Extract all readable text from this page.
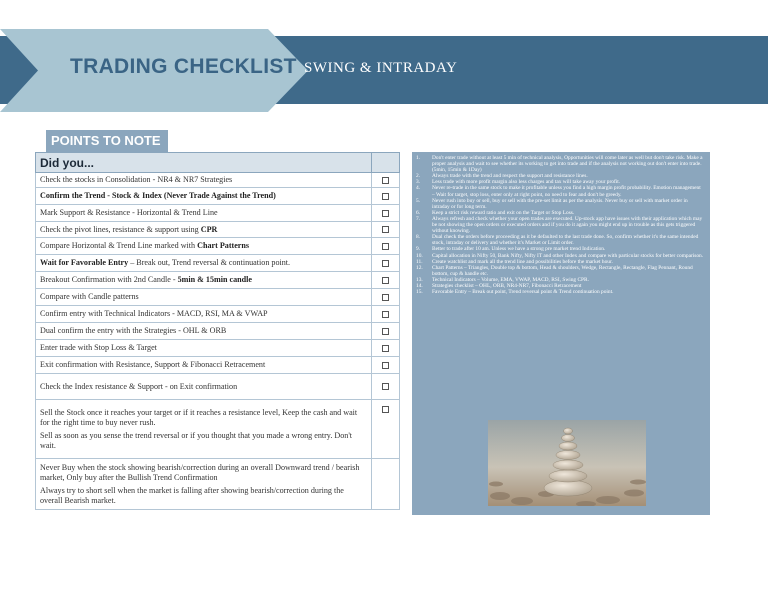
TRADING CHECKLIST SWING & INTRADAY
POINTS TO NOTE
Did you...

Check the stocks in Consolidation - NR4 & NR7 Strategies

Confirm the Trend - Stock & Index (Never Trade Against the Trend)

Mark Support & Resistance - Horizontal & Trend Line

Check the pivot lines, resistance & support using CPR

Compare Horizontal & Trend Line marked with Chart Patterns

Wait for Favorable Entry – Break out, Trend reversal & continuation point.

Breakout Confirmation with 2nd Candle - 5min & 15min candle

Compare with Candle patterns

Confirm entry with Technical Indicators - MACD, RSI, MA & VWAP

Dual confirm the entry with the Strategies - OHL & ORB

Enter trade with Stop Loss & Target

Exit confirmation with Resistance, Support & Fibonacci Retracement

Check the Index resistance & Support - on Exit confirmation

Sell the Stock once it reaches your target or if it reaches a resistance level, Keep the cash and wait for the right time to buy never rush.

Sell as soon as you sense the trend reversal or if you thought that you made a wrong entry. Don't wait.

Never Buy when the stock showing bearish/correction during an overall Downward trend / bearish market, Only buy after the Bullish Trend Confirmation

Always try to short sell when the market is falling after showing bearish/correction during the overall Bearish market.

1.	Don't enter trade without at least 5 min of technical analysis, Opportunities will come later as well but don't take risk. Make a proper analysis and wait to see whether its working to get into trade and if the analysis not working out don't enter into trade. (5min, 15min & 1Day)
2.	Always trade with the trend and respect the support and resistance lines.
3.	Less trade with more profit margin also less charges and tax will take away your profit.
4.	Never re-trade in the same stock to make it profitable unless you find a high margin profit probability. Emotion management – Wait for target, stop loss, enter only at right point, no need to fear and don't be greedy.
5.	Never rush into buy or sell, buy or sell with the pre-set limit as per the analysis. Never buy or sell with market order in intraday or for long term.
6.	Keep a strict risk reward ratio and exit on the Target or Stop Loss.
7.	Always refresh and check whether your open trades are executed. Up-stock app have issues with their application which may be not showing the open orders or executed orders and if you do it again you might end up in trouble as this gets triggered without knowing.
8.	Dual check the orders before proceeding as it be defaulted to the last trade done. So, confirm whether it's the same intended stock, intraday or delivery and whether it's Market or Limit order.
9.	Better to trade after 10 am. Unless we have a strong pre market trend Indication.
10.	Capital allocation in Nifty 50, Bank Nifty, Nifty IT and other Index and compare with particular stocks for better comparison.
11.	Create watchlist and mark all the trend line and possibilities before the market hour.
12.	Chart Patterns – Triangles, Double top & bottom, Head & shoulders, Wedge, Rectangle, Rectangle, Flag Pennant, Round bottom, cup & handle etc.
13.	Technical Indicators – Volume, EMA, VWAP, MACD, RSI, Swing CPR.
14.	Strategies checklist – OHL, ORB, NR4-NR7, Fibonacci Retracement
15.	Favorable Entry – Break out point, Trend reversal point & Trend continuation point.
